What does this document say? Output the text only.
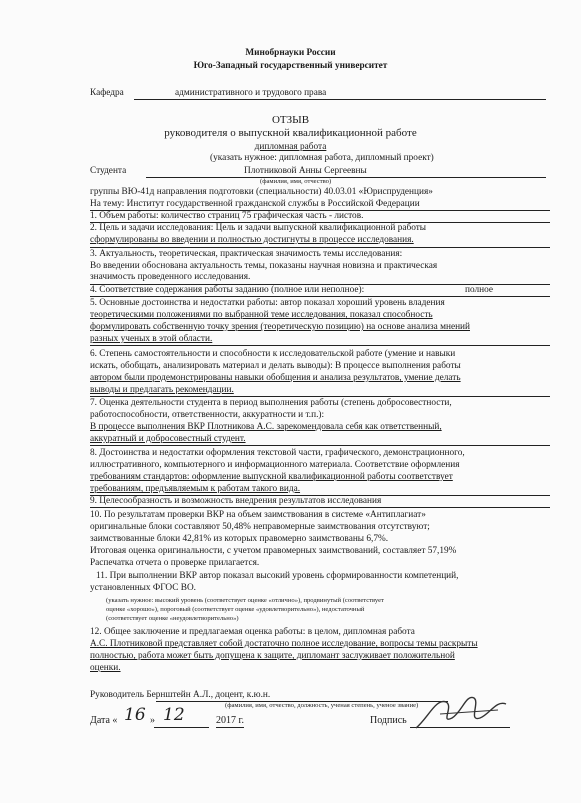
Минобрнауки России
Юго-Западный государственный университет
Кафедра	административного и трудового права
ОТЗЫВ
руководителя о выпускной квалификационной работе
дипломная работа
(указать нужное: дипломная работа, дипломный проект)
Студента	Плотниковой Анны Сергеевны
(фамилия, имя, отчество)
группы ВЮ-41д направления подготовки (специальности) 40.03.01 «Юриспруденция»
На тему: Институт государственной гражданской службы в Российской Федерации
1. Объем работы: количество страниц 75 графическая часть - листов.
2. Цель и задачи исследования: Цель и задачи выпускной квалификационной работы
сформулированы во введении и полностью достигнуты в процессе исследования.
3. Актуальность, теоретическая, практическая значимость темы исследования:
Во введении обоснована актуальность темы, показаны научная новизна и практическая
значимость проведенного исследования.
4. Соответствие содержания работы заданию (полное или неполное):	полное
5. Основные достоинства и недостатки работы: автор показал хороший уровень владения
теоретическими положениями по выбранной теме исследования, показал способность
формулировать собственную точку зрения (теоретическую позицию) на основе анализа мнений
разных ученых в этой области.
6. Степень самостоятельности и способности к исследовательской работе (умение и навыки
искать, обобщать, анализировать материал и делать выводы): В процессе выполнения работы
автором были продемонстрированы навыки обобщения и анализа результатов, умение делать
выводы и предлагать рекомендации.
7. Оценка деятельности студента в период выполнения работы (степень добросовестности,
работоспособности, ответственности, аккуратности и т.п.):
В процессе выполнения ВКР Плотникова А.С. зарекомендовала себя как ответственный,
аккуратный и добросовестный студент.
8. Достоинства и недостатки оформления текстовой части, графического, демонстрационного,
иллюстративного, компьютерного и информационного материала. Соответствие оформления
требованиям стандартов: оформление выпускной квалификационной работы соответствует
требованиям, предъявляемым к работам такого вида.
9. Целесообразность и возможность внедрения результатов исследования
10. По результатам проверки ВКР на объем заимствования в системе «Антиплагиат»
оригинальные блоки составляют 50,48% неправомерные заимствования отсутствуют;
заимствованные блоки 42,81% из которых правомерно заимствованы 6,7%.
Итоговая оценка оригинальности, с учетом правомерных заимствований, составляет 57,19%
Распечатка отчета о проверке прилагается.
11. При выполнении ВКР автор показал высокий уровень сформированности компетенций,
установленных ФГОС ВО.
(указать нужное: высокий уровень (соответствует оценке «отлично»), продвинутый (соответствует
оценке «хорошо»), пороговый (соответствует оценке «удовлетворительно»), недостаточный
(соответствует оценке «неудовлетворительно»)
12. Общее заключение и предлагаемая оценка работы: в целом, дипломная работа
А.С. Плотниковой представляет собой достаточно полное исследование, вопросы темы раскрыты
полностью, работа может быть допущена к защите, дипломант заслуживает положительной
оценки.
Руководитель Бернштейн А.Л., доцент, к.ю.н.
(фамилия, имя, отчество, должность, ученая степень, ученое звание)
Дата « 16 » 12	2017 г.	Подпись
